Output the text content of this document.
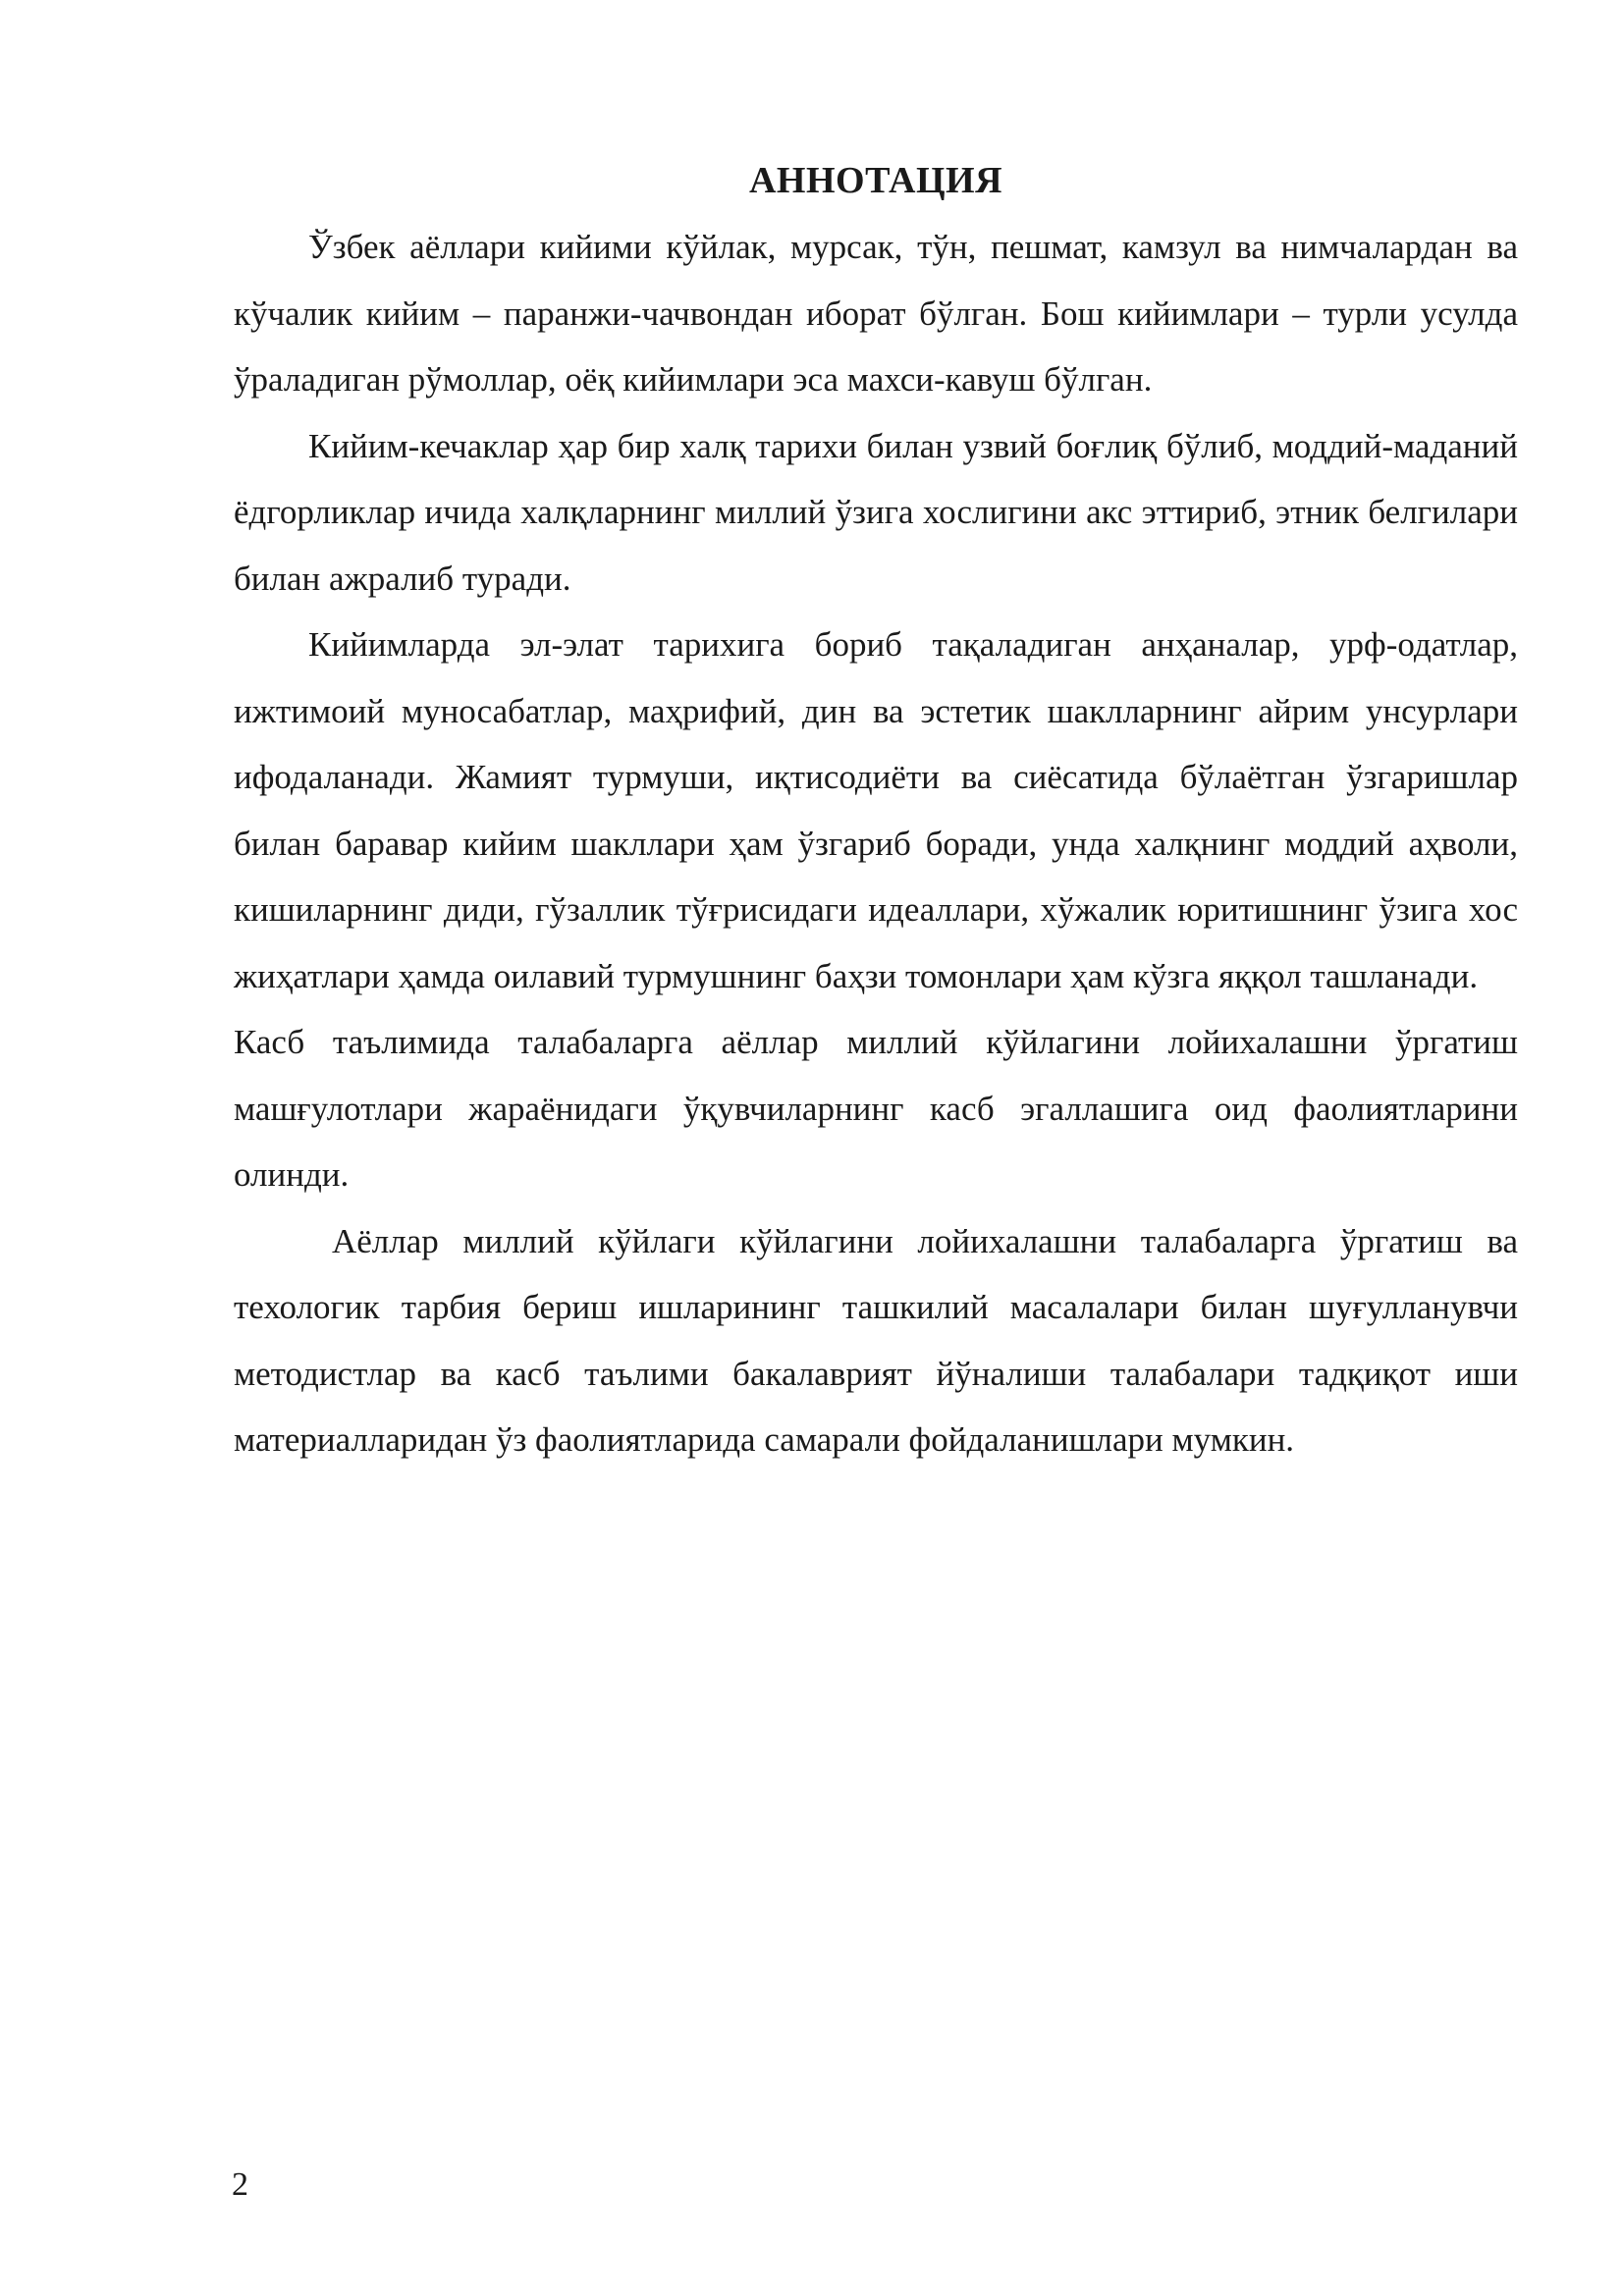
АННОТАЦИЯ

Ўзбек аёллари кийими кўйлак, мурсак, тўн, пешмат, камзул ва нимчалардан ва кўчалик кийим – паранжи-чачвондан иборат бўлган. Бош кийимлари – турли усулда ўраладиган рўмоллар, оёқ кийимлари эса махси-кавуш бўлган.

Кийим-кечаклар ҳар бир халқ тарихи билан узвий боғлиқ бўлиб, моддий-маданий ёдгорликлар ичида халқларнинг миллий ўзига хослигини акс эттириб, этник белгилари билан ажралиб туради.

Кийимларда эл-элат тарихига бориб тақаладиган анҳаналар, урф-одатлар, ижтимоий муносабатлар, маҳрифий, дин ва эстетик шаклларнинг айрим унсурлари ифодаланади. Жамият турмуши, иқтисодиёти ва сиёсатида бўлаётган ўзгаришлар билан баравар кийим шакллари ҳам ўзгариб боради, унда халқнинг моддий аҳволи, кишиларнинг диди, гўзаллик тўғрисидаги идеаллари, хўжалик юритишнинг ўзига хос жиҳатлари ҳамда оилавий турмушнинг баҳзи томонлари ҳам кўзга яққол ташланади.

Касб таълимида талабаларга аёллар миллий кўйлагини лойихалашни ўргатиш машғулотлари жараёнидаги ўқувчиларнинг касб эгаллашига оид фаолиятларини олинди.

Аёллар миллий кўйлаги кўйлагини лойихалашни талабаларга ўргатиш ва техологик тарбия бериш ишларининг ташкилий масалалари билан шуғулланувчи методистлар ва касб таълими бакалаврият йўналиши талабалари тадқиқот иши материалларидан ўз фаолиятларида самарали фойдаланишлари мумкин.

2
